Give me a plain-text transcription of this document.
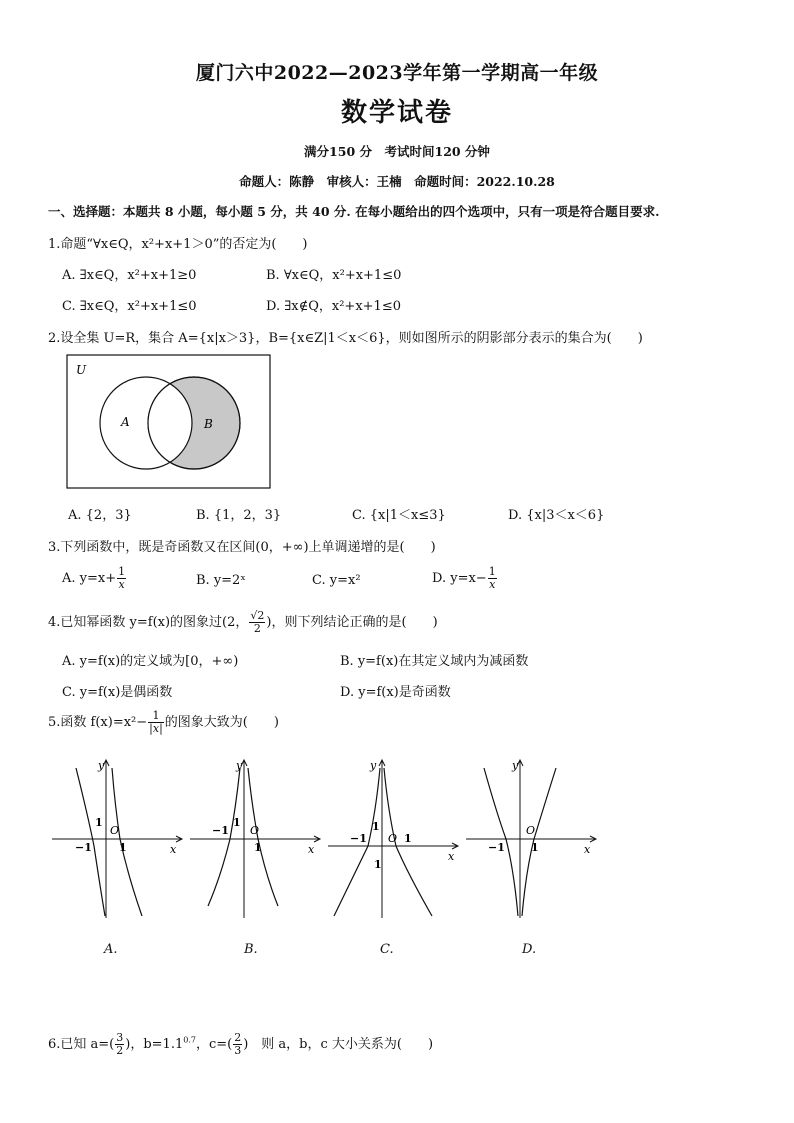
厦门六中2022—2023学年第一学期高一年级
数学试卷
满分150 分　考试时间120 分钟
命题人：陈静　审核人：王楠　命题时间：2022.10.28
一、选择题：本题共 8 小题，每小题 5 分，共 40 分. 在每小题给出的四个选项中，只有一项是符合题目要求.
1.命题“∀x∈Q，x²+x+1＞0”的否定为(　　)
A. ∃x∈Q，x²+x+1≥0	B. ∀x∈Q，x²+x+1≤0
C. ∃x∈Q，x²+x+1≤0	D. ∃x∉Q，x²+x+1≤0
2.设全集 U=R，集合 A={x|x＞3}，B={x∈Z|1＜x＜6}，则如图所示的阴影部分表示的集合为(　　)
U
A	B
A. {2，3}	B. {1，2，3}	C. {x|1＜x≤3}	D. {x|3＜x＜6}
3.下列函数中，既是奇函数又在区间(0，+∞)上单调递增的是(　　)
A. $y=x+ \frac{1}{x}$	B. y=2ˣ	C. y=x²	D. $y=x- \frac{1}{x}$
4.已知幂函数 y=f(x)的图象过(2， $\frac{√2}{2}$ )，则下列结论正确的是(　　)
A. y=f(x)的定义域为[0，+∞)	B. y=f(x)在其定义域内为减函数
C. y=f(x)是偶函数	D. y=f(x)是奇函数
5.函数 $f(x)=x^2- \frac{1}{|x|}$ 的图象大致为(　　)
y
x
O
1
−1 1
y
x
O
1
−1
1
y
x
O
1
−1	1
1
y
x
O
−1 1
A.	B.	C.	D.
6.已知 $a=( \frac{3}{2}$ )，$b=1.1^{0.7}$，$c=( \frac{2}{3}$ )　则 a，b，c 大小关系为(　　)
